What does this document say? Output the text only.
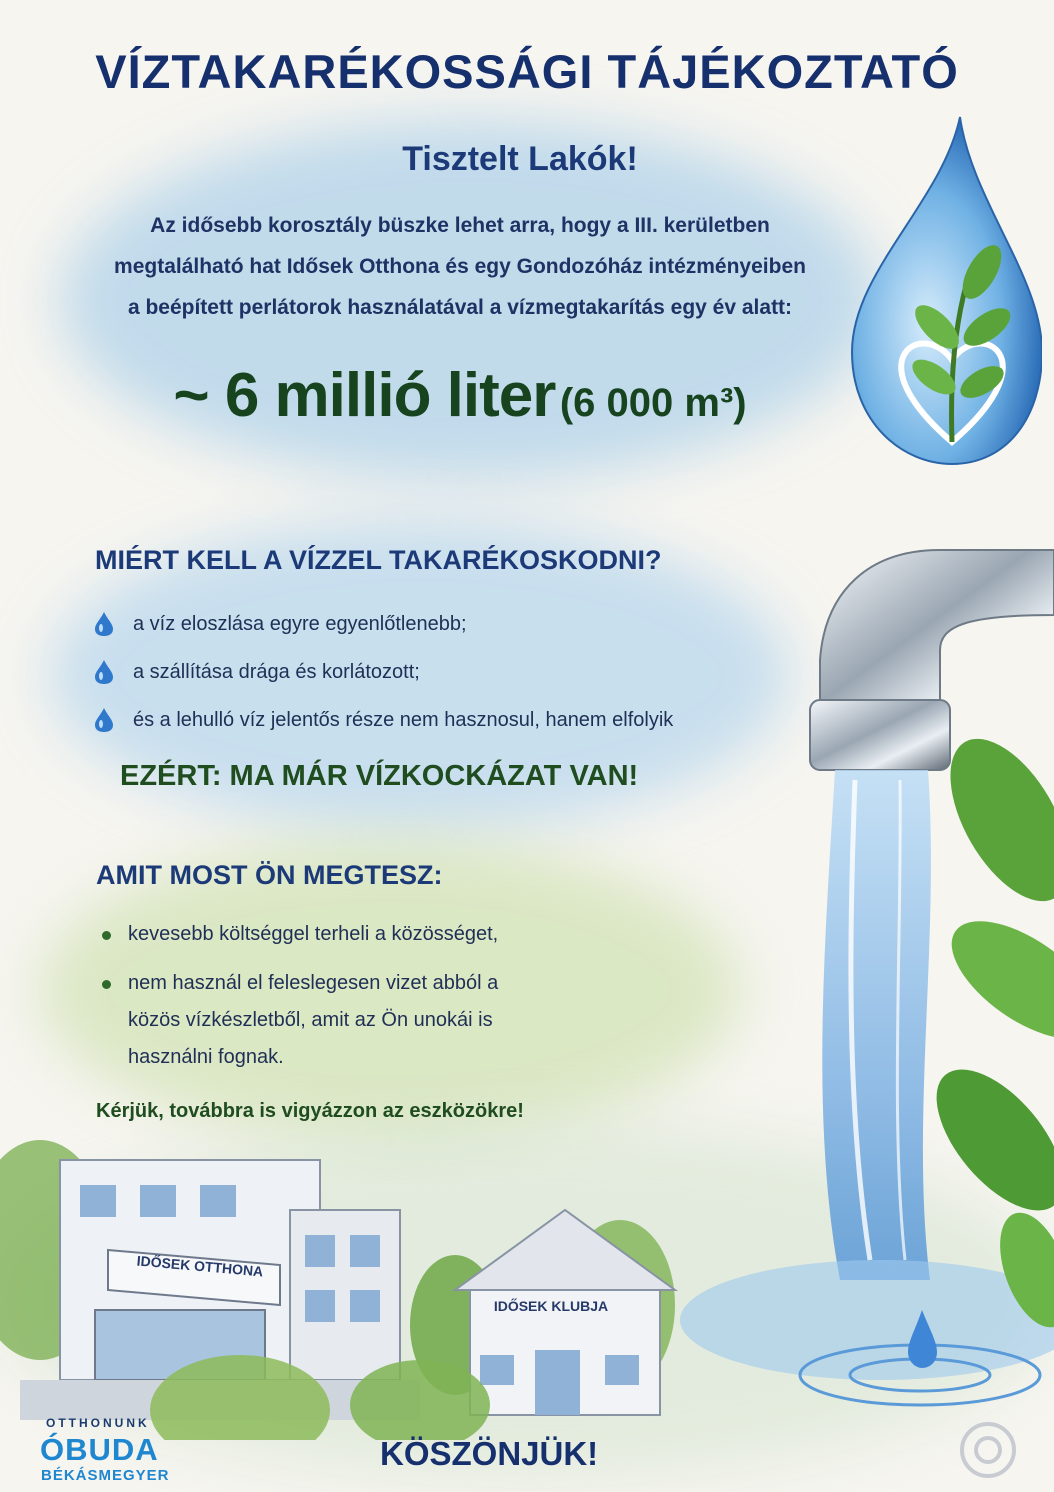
IDŐSEK OTTHONA
IDŐSEK KLUBJA
VÍZTAKARÉKOSSÁGI TÁJÉKOZTATÓ
Tisztelt Lakók!
Az idősebb korosztály büszke lehet arra, hogy a III. kerületben
megtalálható hat Idősek Otthona és egy Gondozóház intézményeiben
a beépített perlátorok használatával a vízmegtakarítás egy év alatt:
~ 6 millió liter (6 000 m³)
MIÉRT KELL A VÍZZEL TAKARÉKOSKODNI?
a víz eloszlása egyre egyenlőtlenebb;
a szállítása drága és korlátozott;
és a lehulló víz jelentős része nem hasznosul, hanem elfolyik
EZÉRT: MA MÁR VÍZKOCKÁZAT VAN!
AMIT MOST ÖN MEGTESZ:
kevesebb költséggel terheli a közösséget,
nem használ el feleslegesen vizet abból a közös vízkészletből, amit az Ön unokái is használni fognak.
Kérjük, továbbra is vigyázzon az eszközökre!
OTTHONUNK
ÓBUDA
BÉKÁSMEGYER
KÖSZÖNJÜK!
